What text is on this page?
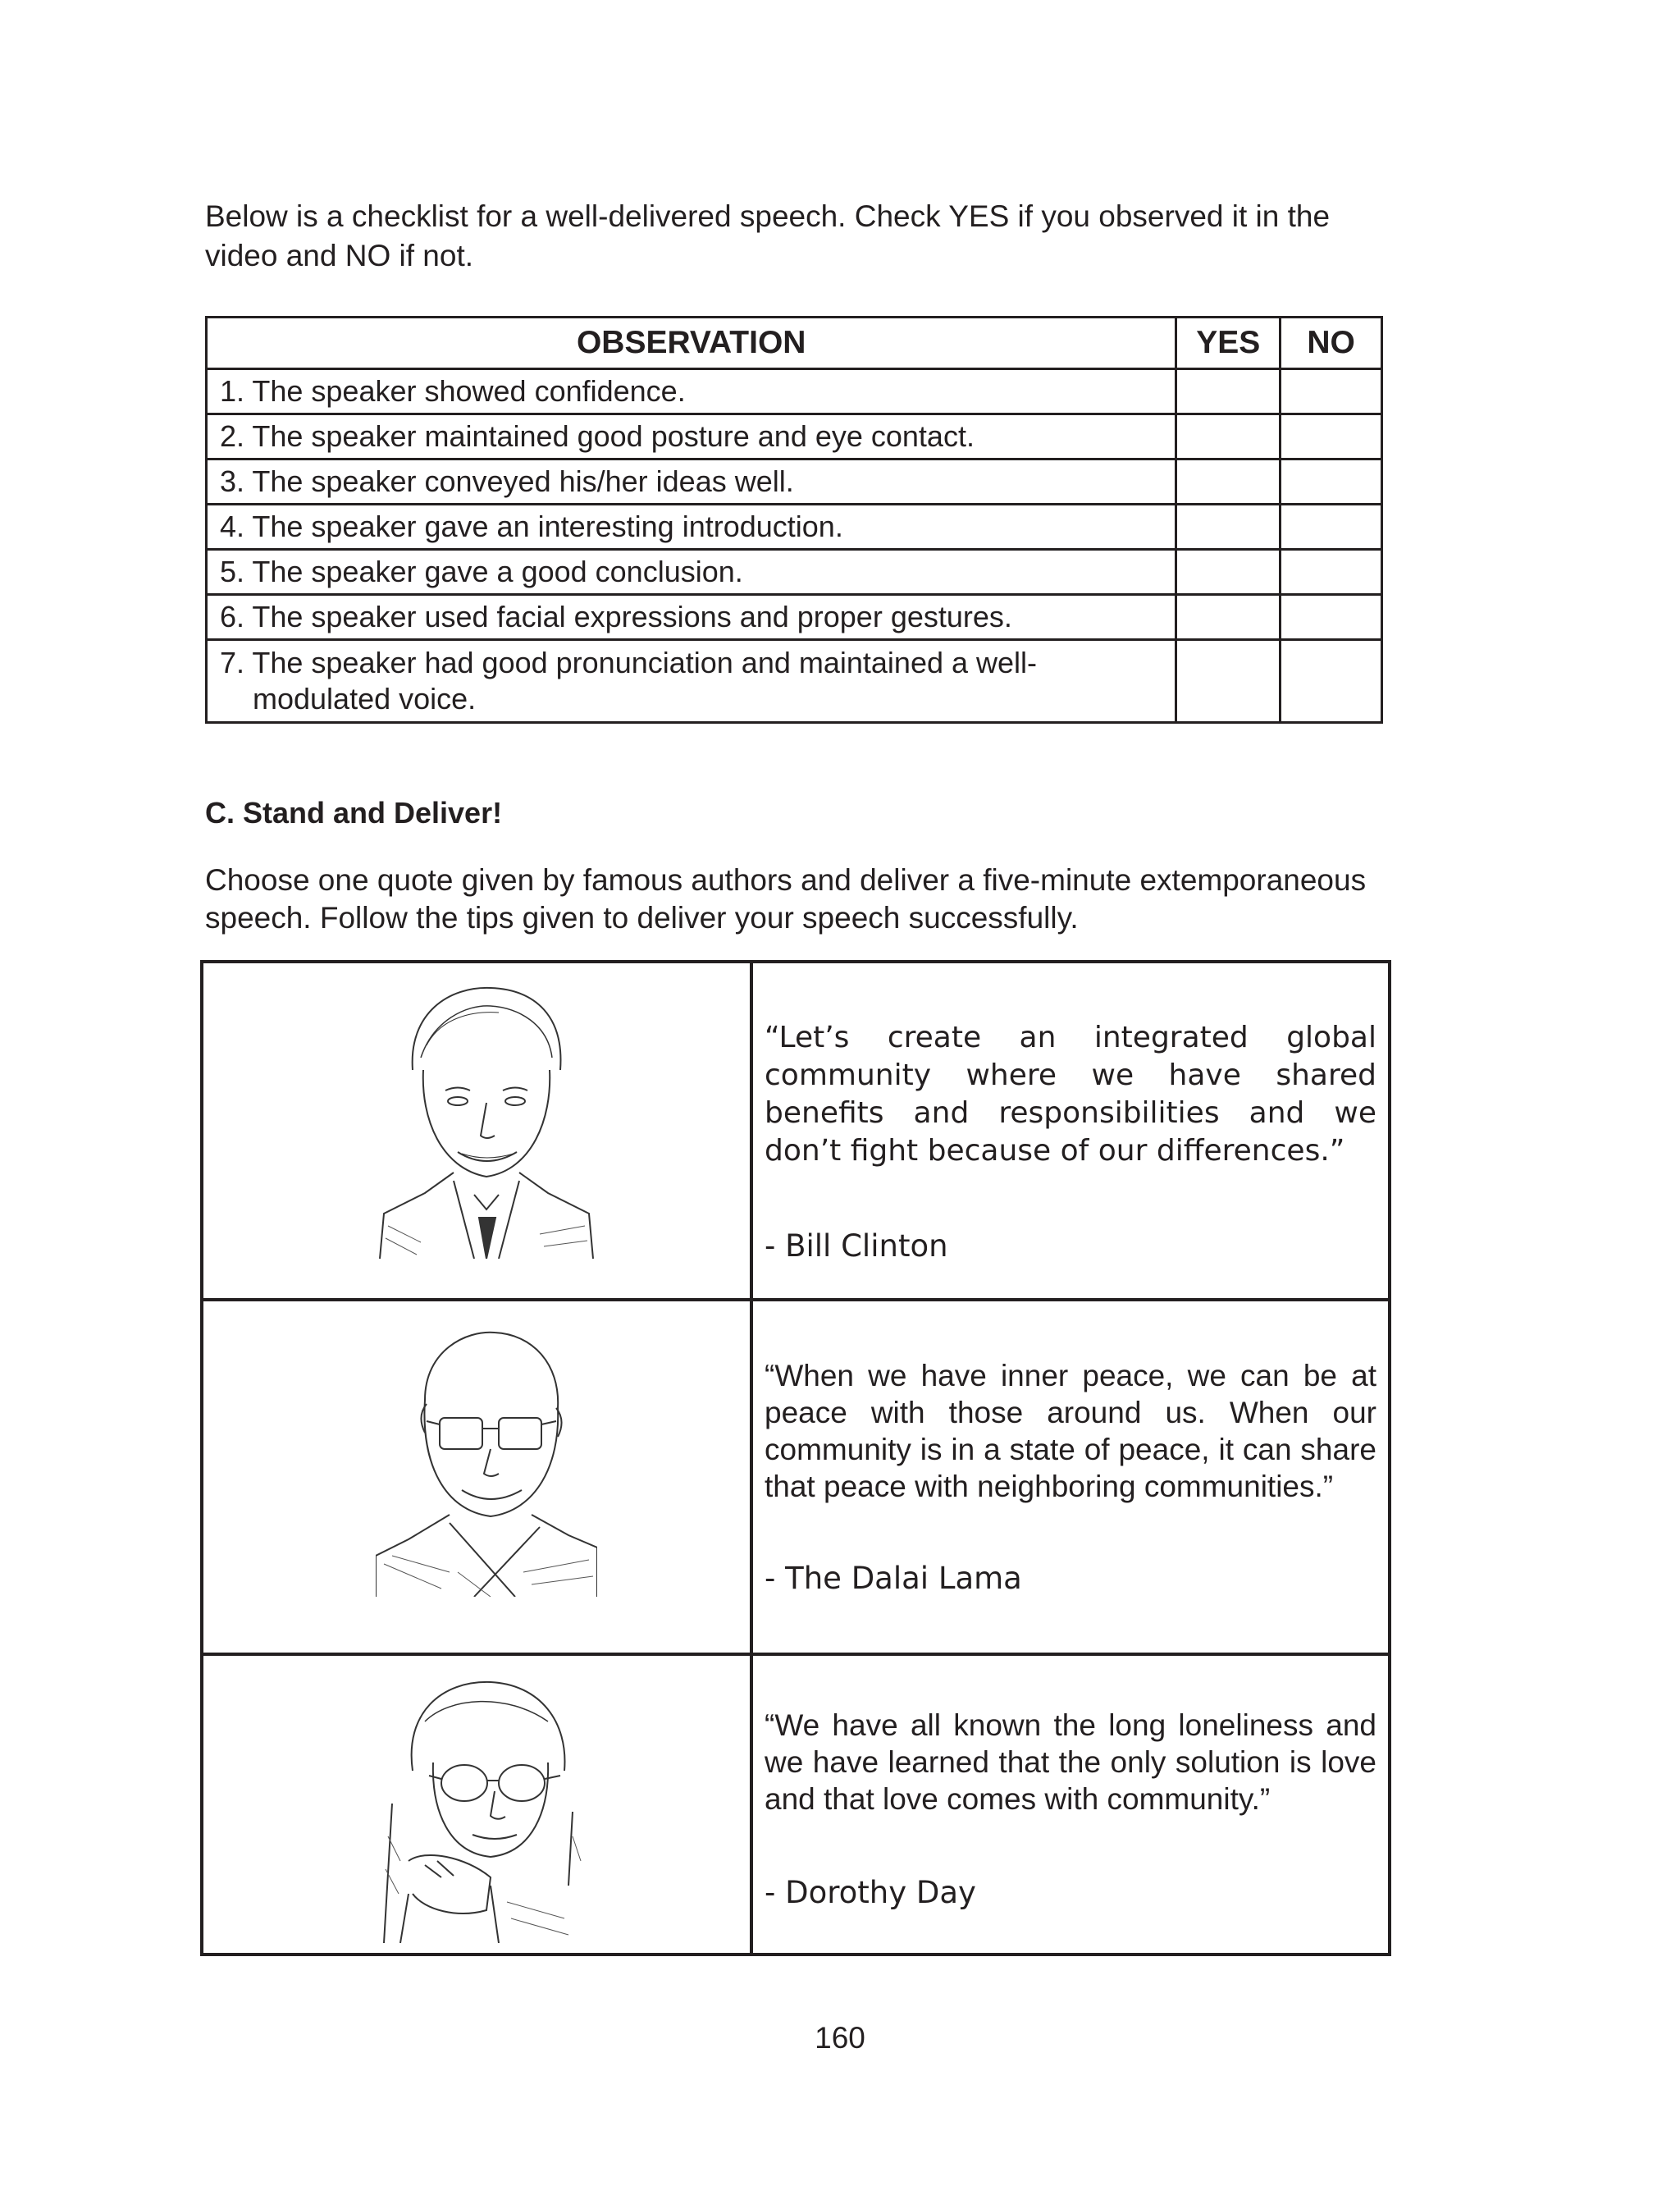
Below is a checklist for a well-delivered speech. Check YES if you observed it in the video and NO if not.

OBSERVATION	YES	NO
1. The speaker showed confidence.		
2. The speaker maintained good posture and eye contact.		
3. The speaker conveyed his/her ideas well.		
4. The speaker gave an interesting introduction.		
5. The speaker gave a good conclusion.		
6. The speaker used facial expressions and proper gestures.		

7. The speaker had good pronunciation and maintained a well-modulated voice.		

C. Stand and Deliver!

Choose one quote given by famous authors and deliver a five-minute extemporaneous speech. Follow the tips given to deliver your speech successfully.

“Let’s create an integrated global community where we have shared benefits and responsibilities and we don’t fight because of our differences.”

- Bill Clinton

“When we have inner peace, we can be at peace with those around us. When our community is in a state of peace, it can share that peace with neighboring communities.”

- The Dalai Lama

“We have all known the long loneliness and we have learned that the only solution is love and that love comes with community.”

- Dorothy Day

160
